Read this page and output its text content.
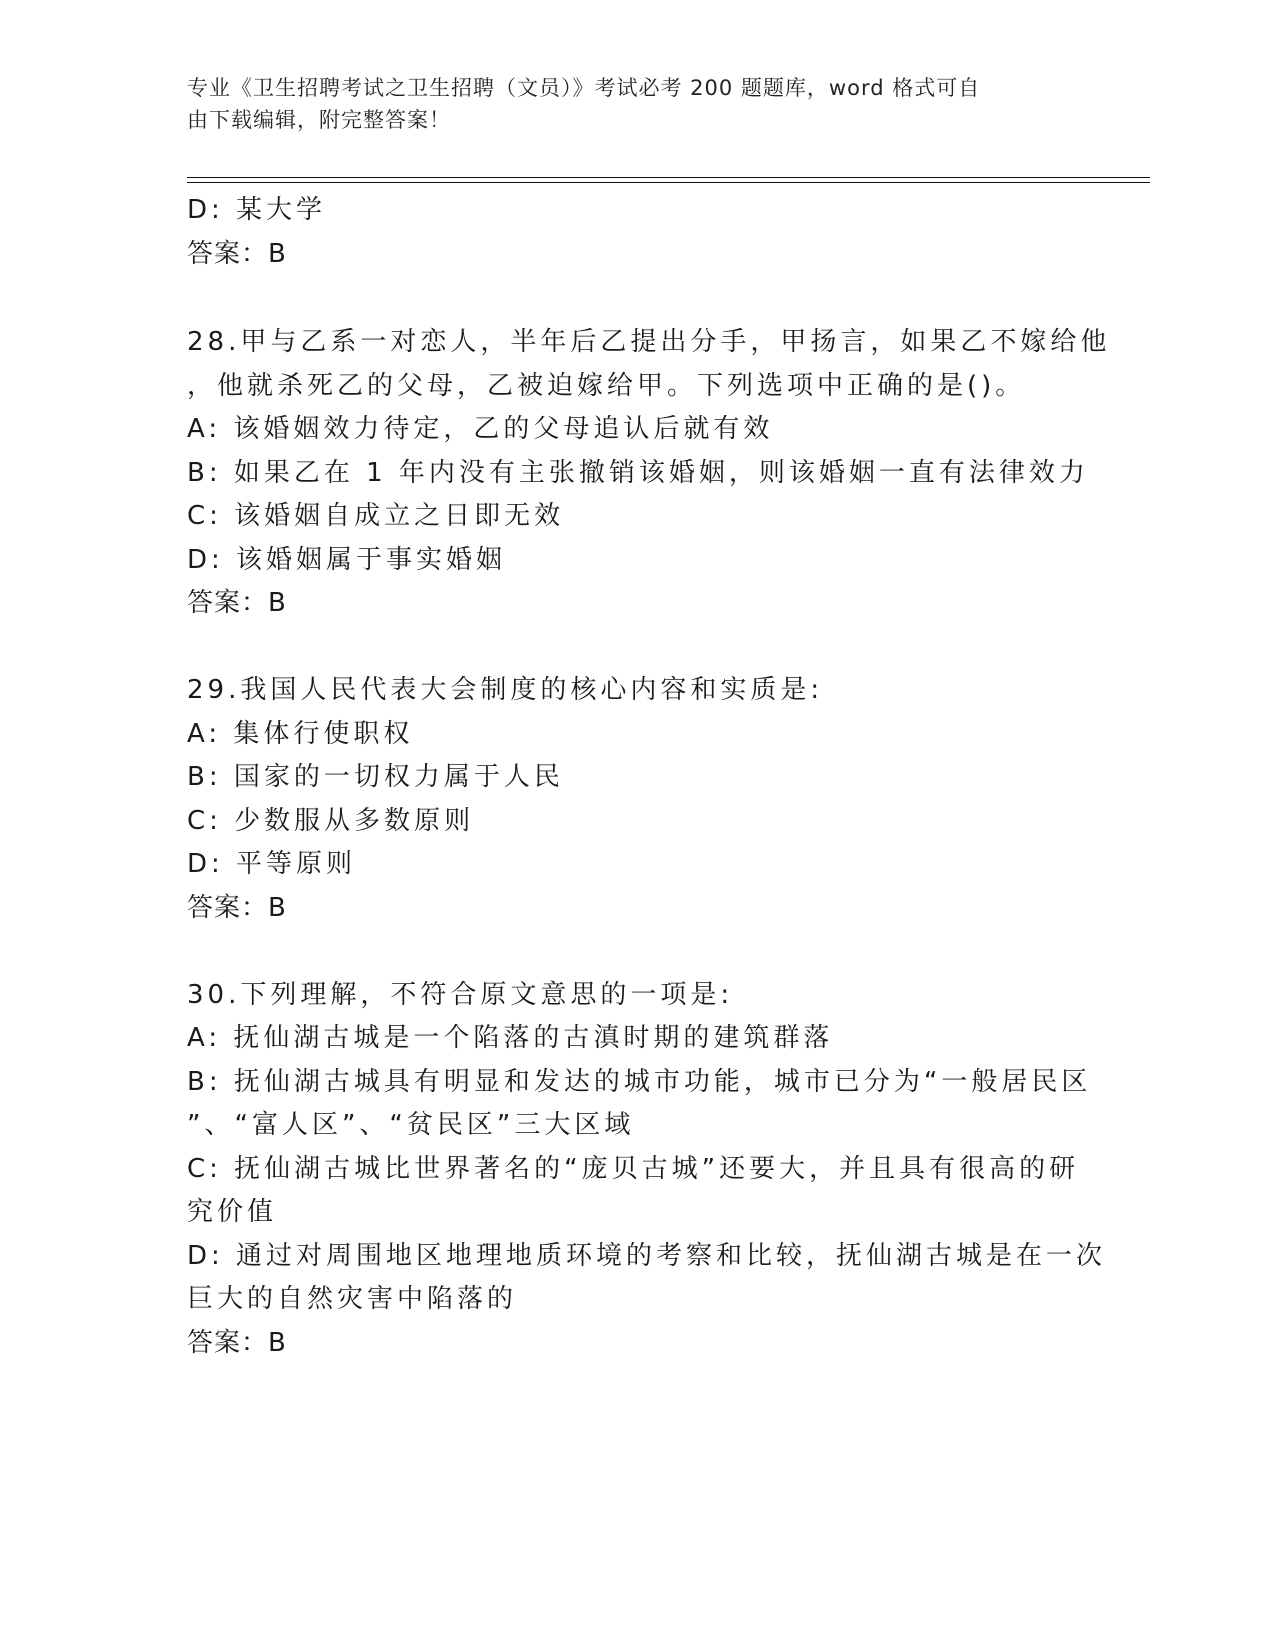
专业《卫生招聘考试之卫生招聘（文员）》考试必考 200 题题库，word 格式可自
由下载编辑，附完整答案！
D: 某大学
答案：B
28.甲与乙系一对恋人，半年后乙提出分手，甲扬言，如果乙不嫁给他
，他就杀死乙的父母，乙被迫嫁给甲。下列选项中正确的是()。
A: 该婚姻效力待定，乙的父母追认后就有效
B: 如果乙在 1 年内没有主张撤销该婚姻，则该婚姻一直有法律效力
C: 该婚姻自成立之日即无效
D: 该婚姻属于事实婚姻
答案：B
29.我国人民代表大会制度的核心内容和实质是:
A: 集体行使职权
B: 国家的一切权力属于人民
C: 少数服从多数原则
D: 平等原则
答案：B
30.下列理解，不符合原文意思的一项是:
A: 抚仙湖古城是一个陷落的古滇时期的建筑群落
B: 抚仙湖古城具有明显和发达的城市功能，城市已分为“一般居民区
”、“富人区”、“贫民区”三大区域
C: 抚仙湖古城比世界著名的“庞贝古城”还要大，并且具有很高的研
究价值
D: 通过对周围地区地理地质环境的考察和比较，抚仙湖古城是在一次
巨大的自然灾害中陷落的
答案：B
